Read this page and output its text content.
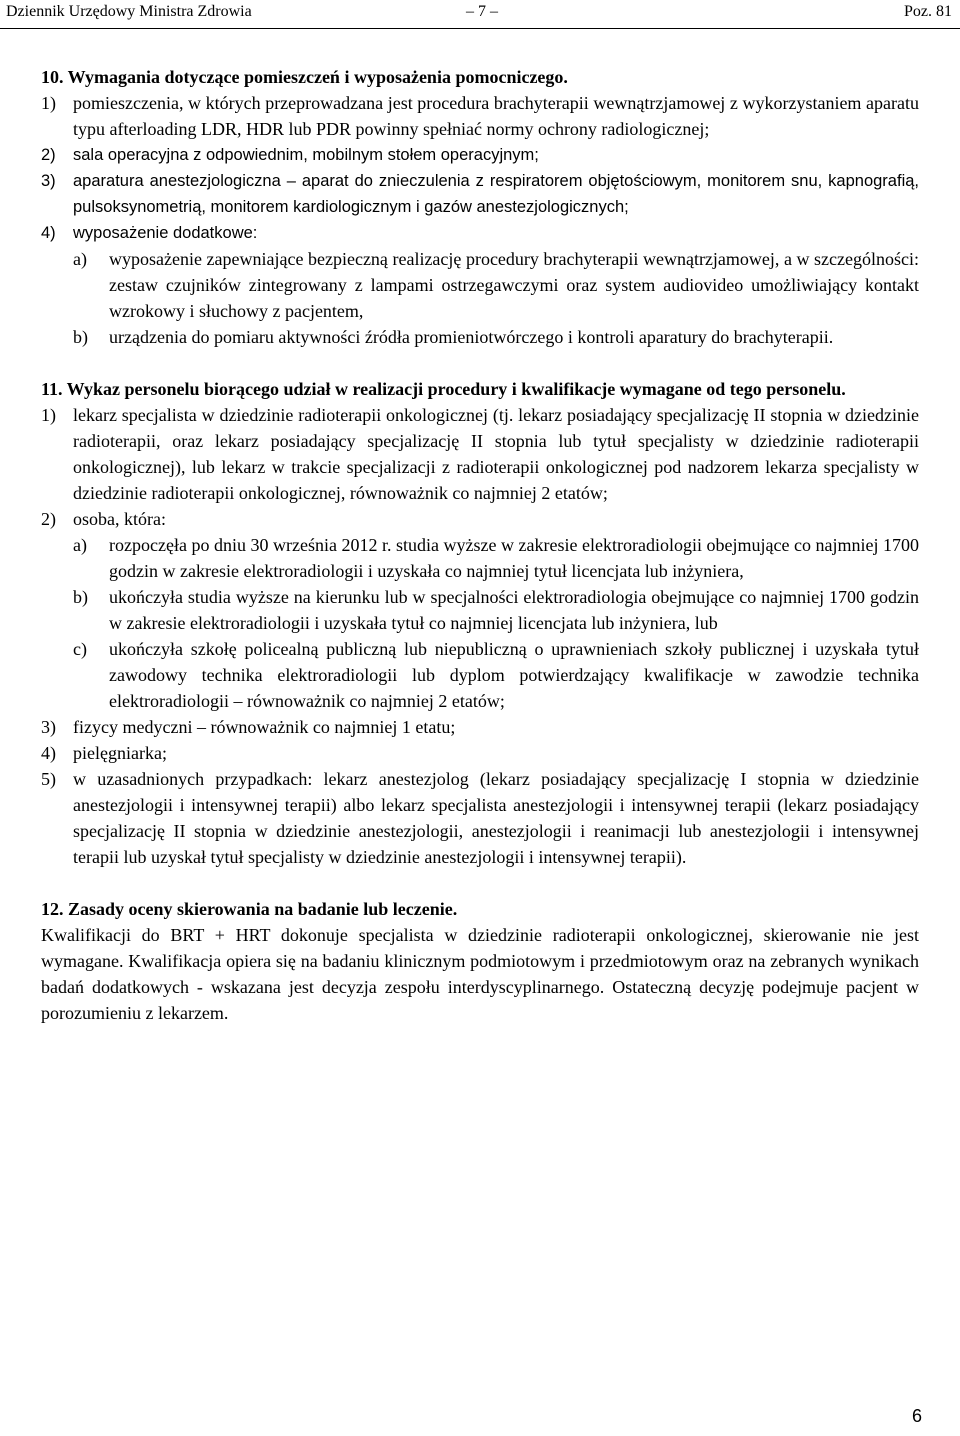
Dziennik Urzędowy Ministra Zdrowia	– 7 –	Poz. 81

10. Wymagania dotyczące pomieszczeń i wyposażenia pomocniczego.

1) pomieszczenia, w których przeprowadzana jest procedura brachyterapii wewnątrzjamowej z wykorzystaniem aparatu typu afterloading LDR, HDR lub PDR powinny spełniać normy ochrony radiologicznej;
2)	sala operacyjna z odpowiednim, mobilnym stołem operacyjnym;
3)	aparatura anestezjologiczna – aparat do znieczulenia z respiratorem objętościowym, monitorem snu, kapnografią, pulsoksynometrią, monitorem kardiologicznym i gazów anestezjologicznych;
4)	wyposażenie dodatkowe:
a)	wyposażenie zapewniające bezpieczną realizację procedury brachyterapii wewnątrzjamowej, a w szczególności: zestaw czujników zintegrowany z lampami ostrzegawczymi oraz system audiovideo umożliwiający kontakt wzrokowy i słuchowy z pacjentem,
b)	urządzenia do pomiaru aktywności źródła promieniotwórczego i kontroli aparatury do brachyterapii.

11. Wykaz personelu biorącego udział w realizacji procedury i kwalifikacje wymagane od tego personelu.

1) lekarz specjalista w dziedzinie radioterapii onkologicznej (tj. lekarz posiadający specjalizację II stopnia w dziedzinie radioterapii, oraz lekarz posiadający specjalizację II stopnia lub tytuł specjalisty w dziedzinie radioterapii onkologicznej), lub lekarz w trakcie specjalizacji z radioterapii onkologicznej pod nadzorem lekarza specjalisty w dziedzinie radioterapii onkologicznej, równoważnik co najmniej 2 etatów;
2) osoba, która:
a)	rozpoczęła po dniu 30 września 2012 r. studia wyższe w zakresie elektroradiologii obejmujące co najmniej 1700 godzin w zakresie elektroradiologii i uzyskała co najmniej tytuł licencjata lub inżyniera,
b)	ukończyła studia wyższe na kierunku lub w specjalności elektroradiologia obejmujące co najmniej 1700 godzin w zakresie elektroradiologii i uzyskała tytuł co najmniej licencjata lub inżyniera, lub
c)	ukończyła szkołę policealną publiczną lub niepubliczną o uprawnieniach szkoły publicznej i uzyskała tytuł zawodowy technika elektroradiologii lub dyplom potwierdzający kwalifikacje w zawodzie technika elektroradiologii – równoważnik co najmniej 2 etatów;
3) fizycy medyczni – równoważnik co najmniej 1 etatu;
4) pielęgniarka;
5) w uzasadnionych przypadkach: lekarz anestezjolog (lekarz posiadający specjalizację I stopnia w dziedzinie anestezjologii i intensywnej terapii) albo lekarz specjalista anestezjologii i intensywnej terapii (lekarz posiadający specjalizację II stopnia w dziedzinie anestezjologii, anestezjologii i reanimacji lub anestezjologii i intensywnej terapii lub uzyskał tytuł specjalisty w dziedzinie anestezjologii i intensywnej terapii).

12. Zasady oceny skierowania na badanie lub leczenie.

Kwalifikacji do BRT + HRT dokonuje specjalista w dziedzinie radioterapii onkologicznej, skierowanie nie jest wymagane. Kwalifikacja opiera się na badaniu klinicznym podmiotowym i przedmiotowym oraz na zebranych wynikach badań dodatkowych - wskazana jest decyzja zespołu interdyscyplinarnego. Ostateczną decyzję podejmuje pacjent w porozumieniu z lekarzem.

6
